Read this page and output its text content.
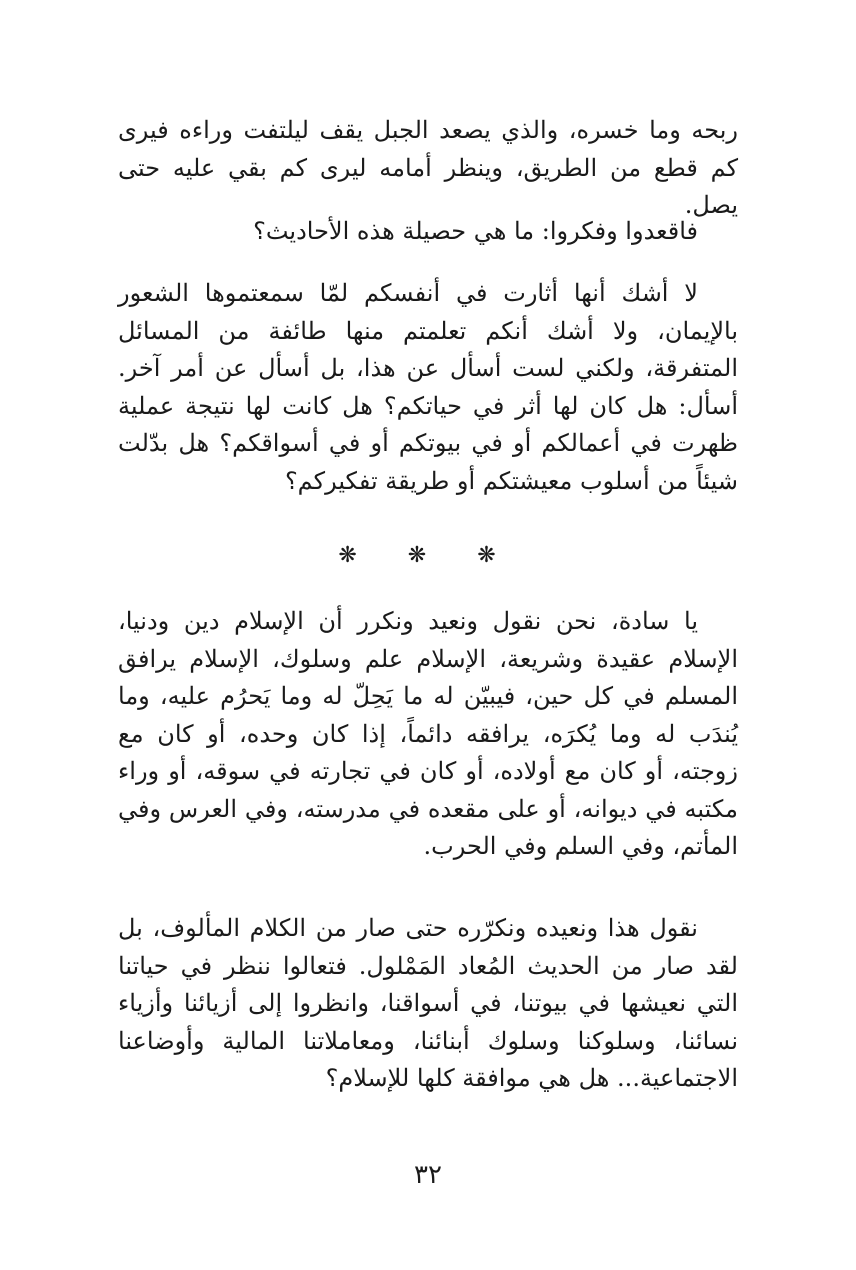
ربحه وما خسره، والذي يصعد الجبل يقف ليلتفت وراءه فيرى كم قطع من الطريق، وينظر أمامه ليرى كم بقي عليه حتى يصل.

فاقعدوا وفكروا: ما هي حصيلة هذه الأحاديث؟

لا أشك أنها أثارت في أنفسكم لمّا سمعتموها الشعور بالإيمان، ولا أشك أنكم تعلمتم منها طائفة من المسائل المتفرقة، ولكني لست أسأل عن هذا، بل أسأل عن أمر آخر. أسأل: هل كان لها أثر في حياتكم؟ هل كانت لها نتيجة عملية ظهرت في أعمالكم أو في بيوتكم أو في أسواقكم؟ هل بدّلت شيئاً من أسلوب معيشتكم أو طريقة تفكيركم؟

❋ ❋ ❋

يا سادة، نحن نقول ونعيد ونكرر أن الإسلام دين ودنيا، الإسلام عقيدة وشريعة، الإسلام علم وسلوك، الإسلام يرافق المسلم في كل حين، فيبيّن له ما يَحِلّ له وما يَحرُم عليه، وما يُندَب له وما يُكرَه، يرافقه دائماً، إذا كان وحده، أو كان مع زوجته، أو كان مع أولاده، أو كان في تجارته في سوقه، أو وراء مكتبه في ديوانه، أو على مقعده في مدرسته، وفي العرس وفي المأتم، وفي السلم وفي الحرب.

نقول هذا ونعيده ونكرّره حتى صار من الكلام المألوف، بل لقد صار من الحديث المُعاد المَمْلول. فتعالوا ننظر في حياتنا التي نعيشها في بيوتنا، في أسواقنا، وانظروا إلى أزيائنا وأزياء نسائنا، وسلوكنا وسلوك أبنائنا، ومعاملاتنا المالية وأوضاعنا الاجتماعية... هل هي موافقة كلها للإسلام؟

٣٢
